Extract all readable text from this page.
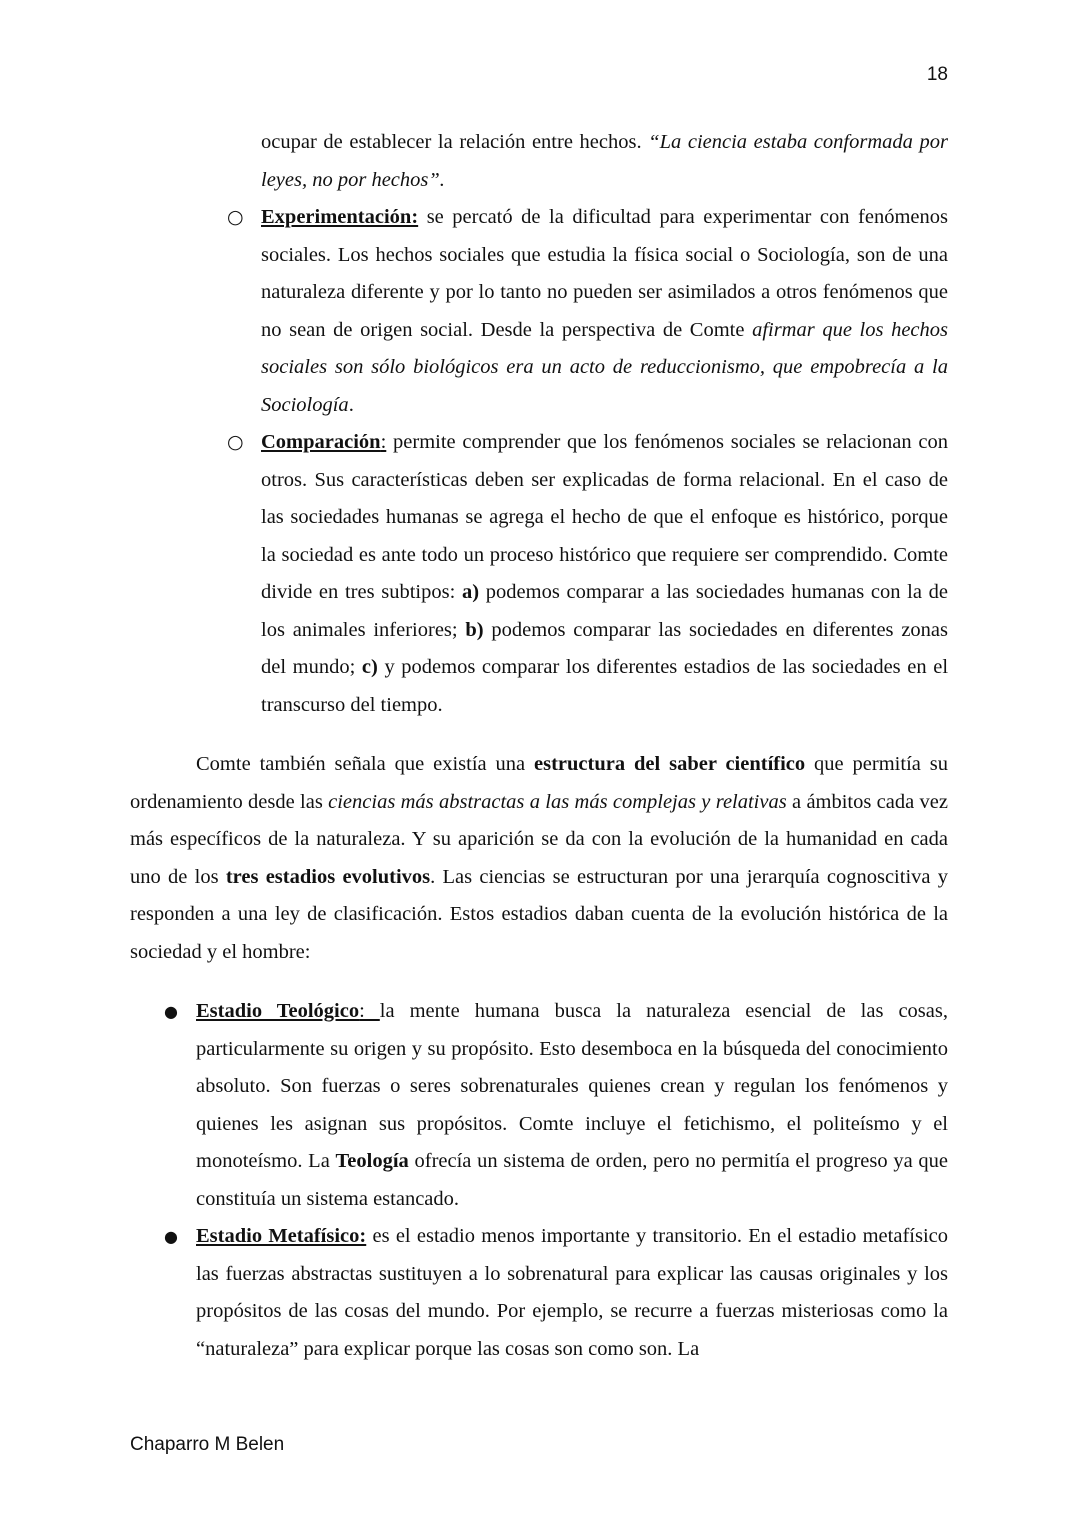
18

ocupar de establecer la relación entre hechos. “La ciencia estaba conformada por leyes, no por hechos”.

○ Experimentación: se percató de la dificultad para experimentar con fenómenos sociales. Los hechos sociales que estudia la física social o Sociología, son de una naturaleza diferente y por lo tanto no pueden ser asimilados a otros fenómenos que no sean de origen social. Desde la perspectiva de Comte afirmar que los hechos sociales son sólo biológicos era un acto de reduccionismo, que empobrecía a la Sociología.
○ Comparación: permite comprender que los fenómenos sociales se relacionan con otros. Sus características deben ser explicadas de forma relacional. En el caso de las sociedades humanas se agrega el hecho de que el enfoque es histórico, porque la sociedad es ante todo un proceso histórico que requiere ser comprendido. Comte divide en tres subtipos: a) podemos comparar a las sociedades humanas con la de los animales inferiores; b) podemos comparar las sociedades en diferentes zonas del mundo; c) y podemos comparar los diferentes estadios de las sociedades en el transcurso del tiempo.

Comte también señala que existía una estructura del saber científico que permitía su ordenamiento desde las ciencias más abstractas a las más complejas y relativas a ámbitos cada vez más específicos de la naturaleza. Y su aparición se da con la evolución de la humanidad en cada uno de los tres estadios evolutivos. Las ciencias se estructuran por una jerarquía cognoscitiva y responden a una ley de clasificación. Estos estadios daban cuenta de la evolución histórica de la sociedad y el hombre:

● Estadio Teológico: la mente humana busca la naturaleza esencial de las cosas, particularmente su origen y su propósito. Esto desemboca en la búsqueda del conocimiento absoluto. Son fuerzas o seres sobrenaturales quienes crean y regulan los fenómenos y quienes les asignan sus propósitos. Comte incluye el fetichismo, el politeísmo y el monoteísmo. La Teología ofrecía un sistema de orden, pero no permitía el progreso ya que constituía un sistema estancado.
● Estadio Metafísico: es el estadio menos importante y transitorio. En el estadio metafísico las fuerzas abstractas sustituyen a lo sobrenatural para explicar las causas originales y los propósitos de las cosas del mundo. Por ejemplo, se recurre a fuerzas misteriosas como la “naturaleza” para explicar porque las cosas son como son. La
Chaparro M Belen
